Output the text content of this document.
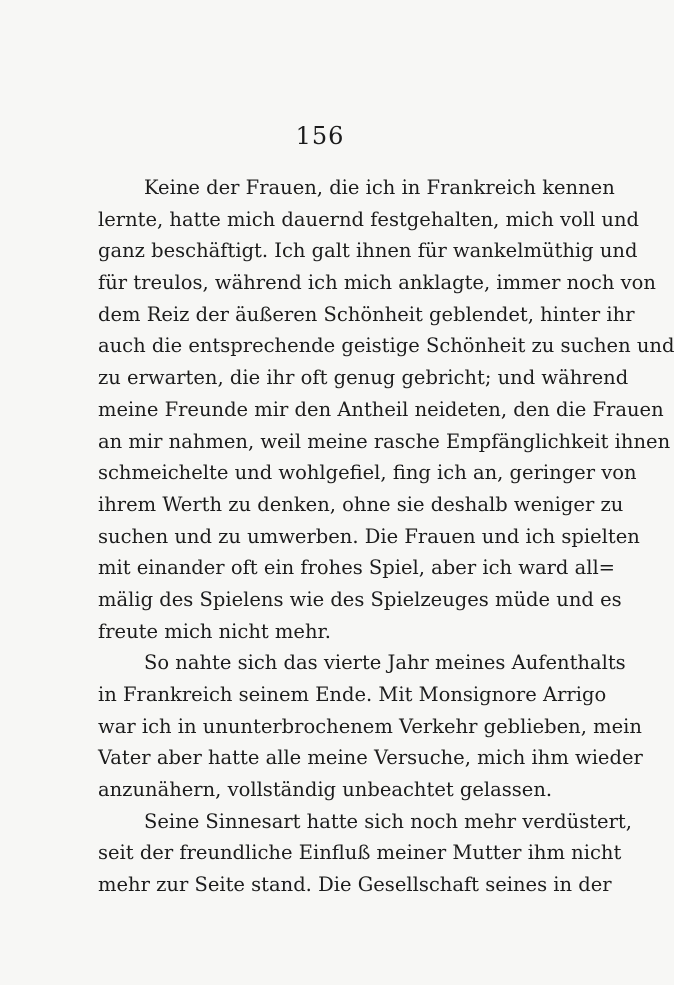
156
Keine der Frauen, die ich in Frankreich kennen
lernte, hatte mich dauernd festgehalten, mich voll und
ganz beschäftigt. Ich galt ihnen für wankelmüthig und
für treulos, während ich mich anklagte, immer noch von
dem Reiz der äußeren Schönheit geblendet, hinter ihr
auch die entsprechende geistige Schönheit zu suchen und
zu erwarten, die ihr oft genug gebricht; und während
meine Freunde mir den Antheil neideten, den die Frauen
an mir nahmen, weil meine rasche Empfänglichkeit ihnen
schmeichelte und wohlgefiel, fing ich an, geringer von
ihrem Werth zu denken, ohne sie deshalb weniger zu
suchen und zu umwerben. Die Frauen und ich spielten
mit einander oft ein frohes Spiel, aber ich ward all=
mälig des Spielens wie des Spielzeuges müde und es
freute mich nicht mehr.
So nahte sich das vierte Jahr meines Aufenthalts
in Frankreich seinem Ende. Mit Monsignore Arrigo
war ich in ununterbrochenem Verkehr geblieben, mein
Vater aber hatte alle meine Versuche, mich ihm wieder
anzunähern, vollständig unbeachtet gelassen.
Seine Sinnesart hatte sich noch mehr verdüstert,
seit der freundliche Einfluß meiner Mutter ihm nicht
mehr zur Seite stand. Die Gesellschaft seines in der
